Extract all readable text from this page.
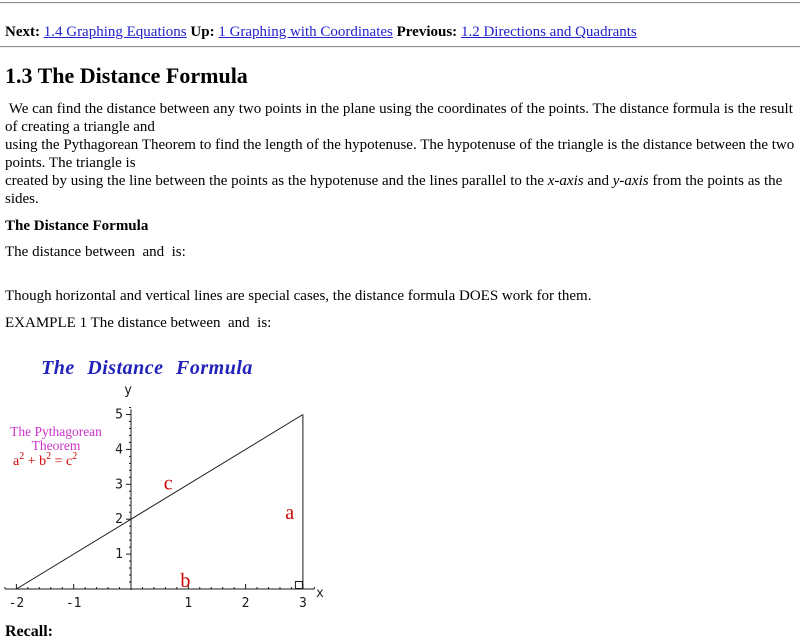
Next: 1.4 Graphing Equations Up: 1 Graphing with Coordinates Previous: 1.2 Directions and Quadrants
1.3 The Distance Formula

We can find the distance between any two points in the plane using the coordinates of the points. The distance formula is the result of creating a triangle and
using the Pythagorean Theorem to find the length of the hypotenuse. The hypotenuse of the triangle is the distance between the two points. The triangle is
created by using the line between the points as the hypotenuse and the lines parallel to the x-axis and y-axis from the points as the sides.

The Distance Formula

The distance between  and  is:

Though horizontal and vertical lines are special cases, the distance formula DOES work for them.

EXAMPLE 1 The distance between  and  is:

-2	-1	1	2	3
1
2
3
4
5
y
x
c
a
b
The Distance Formula
The Pythagorean
Theorem
$a^2 + b^2 = c^2$

Recall:
